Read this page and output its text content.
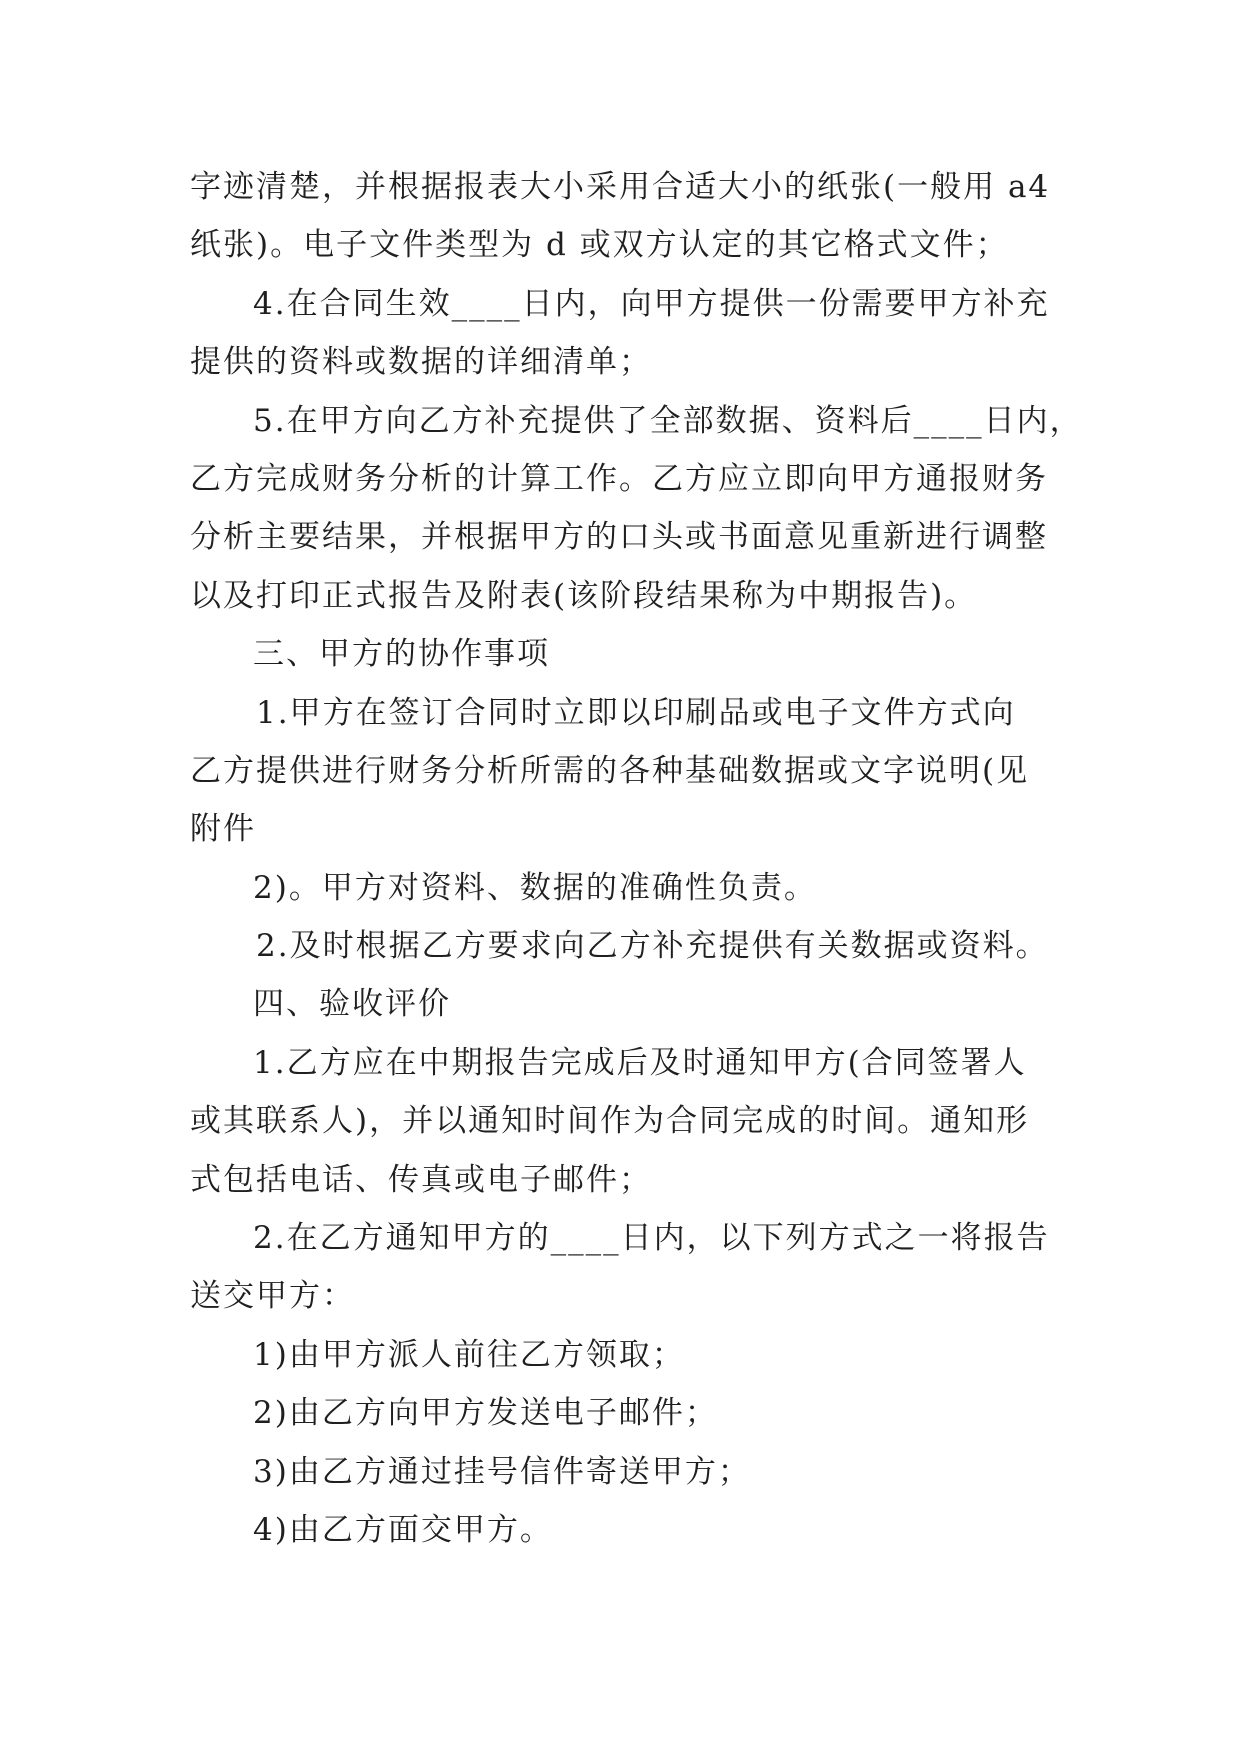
字迹清楚，并根据报表大小采用合适大小的纸张(一般用 a4
纸张)。电子文件类型为 d 或双方认定的其它格式文件；
4.在合同生效____日内，向甲方提供一份需要甲方补充
提供的资料或数据的详细清单；
5.在甲方向乙方补充提供了全部数据、资料后____日内，
乙方完成财务分析的计算工作。乙方应立即向甲方通报财务
分析主要结果，并根据甲方的口头或书面意见重新进行调整
以及打印正式报告及附表(该阶段结果称为中期报告)。
三、甲方的协作事项
1.甲方在签订合同时立即以印刷品或电子文件方式向
乙方提供进行财务分析所需的各种基础数据或文字说明(见
附件
2)。甲方对资料、数据的准确性负责。
2.及时根据乙方要求向乙方补充提供有关数据或资料。
四、验收评价
1.乙方应在中期报告完成后及时通知甲方(合同签署人
或其联系人)，并以通知时间作为合同完成的时间。通知形
式包括电话、传真或电子邮件；
2.在乙方通知甲方的____日内，以下列方式之一将报告
送交甲方：
1)由甲方派人前往乙方领取；
2)由乙方向甲方发送电子邮件；
3)由乙方通过挂号信件寄送甲方；
4)由乙方面交甲方。
